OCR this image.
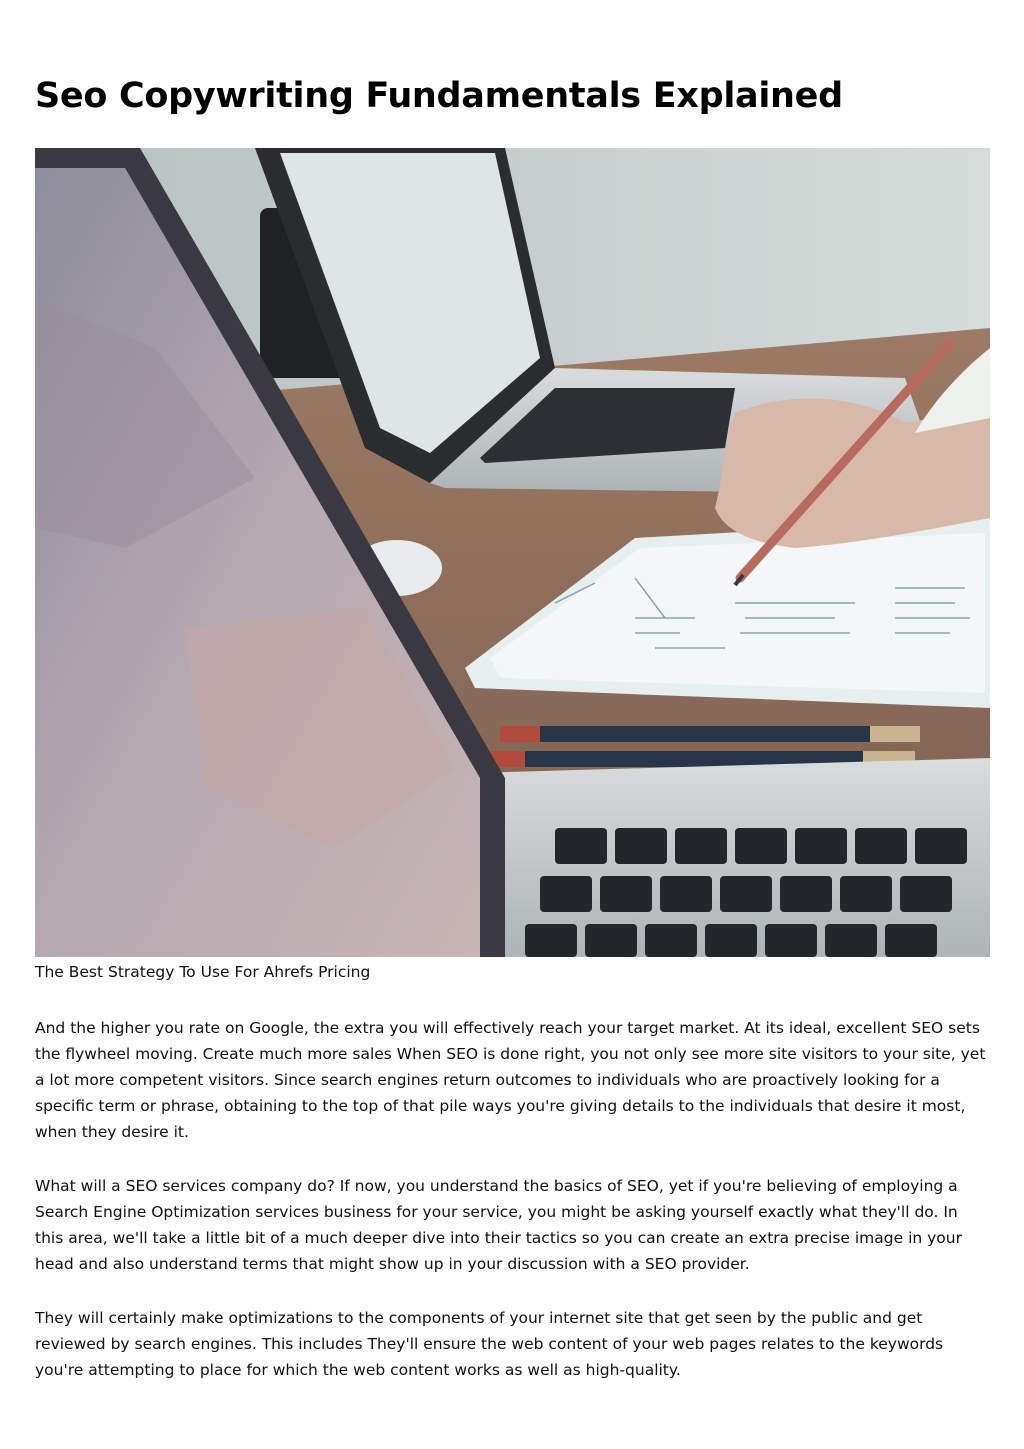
Seo Copywriting Fundamentals Explained

The Best Strategy To Use For Ahrefs Pricing

And the higher you rate on Google, the extra you will effectively reach your target market. At its ideal, excellent SEO sets the flywheel moving. Create much more sales When SEO is done right, you not only see more site visitors to your site, yet a lot more competent visitors. Since search engines return outcomes to individuals who are proactively looking for a specific term or phrase, obtaining to the top of that pile ways you're giving details to the individuals that desire it most, when they desire it.

What will a SEO services company do? If now, you understand the basics of SEO, yet if you're believing of employing a Search Engine Optimization services business for your service, you might be asking yourself exactly what they'll do. In this area, we'll take a little bit of a much deeper dive into their tactics so you can create an extra precise image in your head and also understand terms that might show up in your discussion with a SEO provider.

They will certainly make optimizations to the components of your internet site that get seen by the public and get reviewed by search engines. This includes They'll ensure the web content of your web pages relates to the keywords you're attempting to place for which the web content works as well as high-quality.
